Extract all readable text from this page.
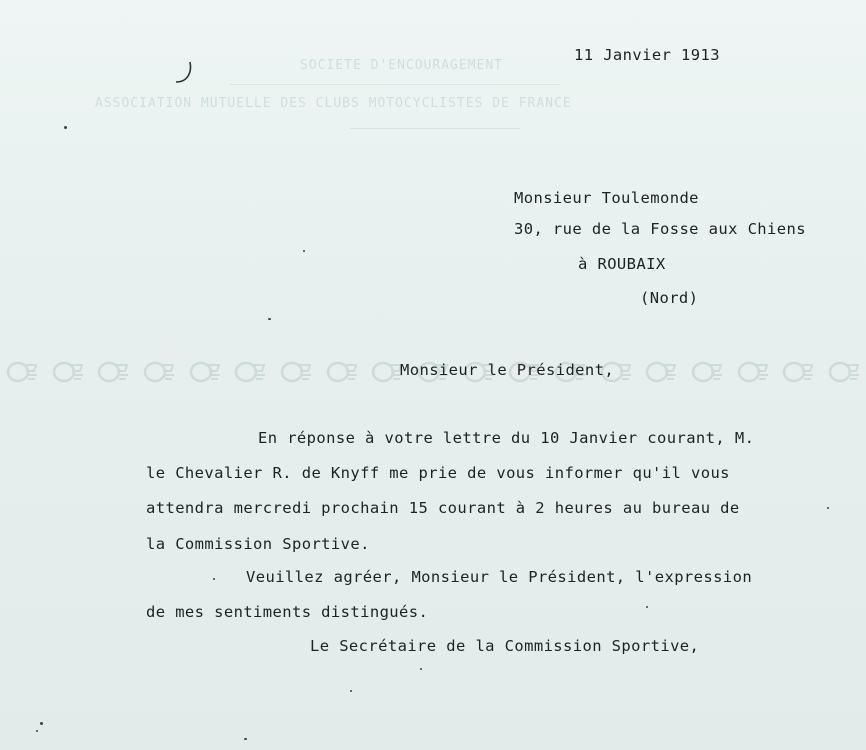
ASSOCIATION MUTUELLE DES CLUBS MOTOCYCLISTES DE FRANCE
SOCIETE D'ENCOURAGEMENT
11 Janvier 1913
Monsieur Toulemonde
30, rue de la Fosse aux Chiens
à ROUBAIX
(Nord)
Monsieur le Président,
En réponse à votre lettre du 10 Janvier courant, M.
le Chevalier R. de Knyff me prie de vous informer qu'il vous
attendra mercredi prochain 15 courant à 2 heures au bureau de
la Commission Sportive.
Veuillez agréer, Monsieur le Président, l'expression
de mes sentiments distingués.
Le Secrétaire de la Commission Sportive,
